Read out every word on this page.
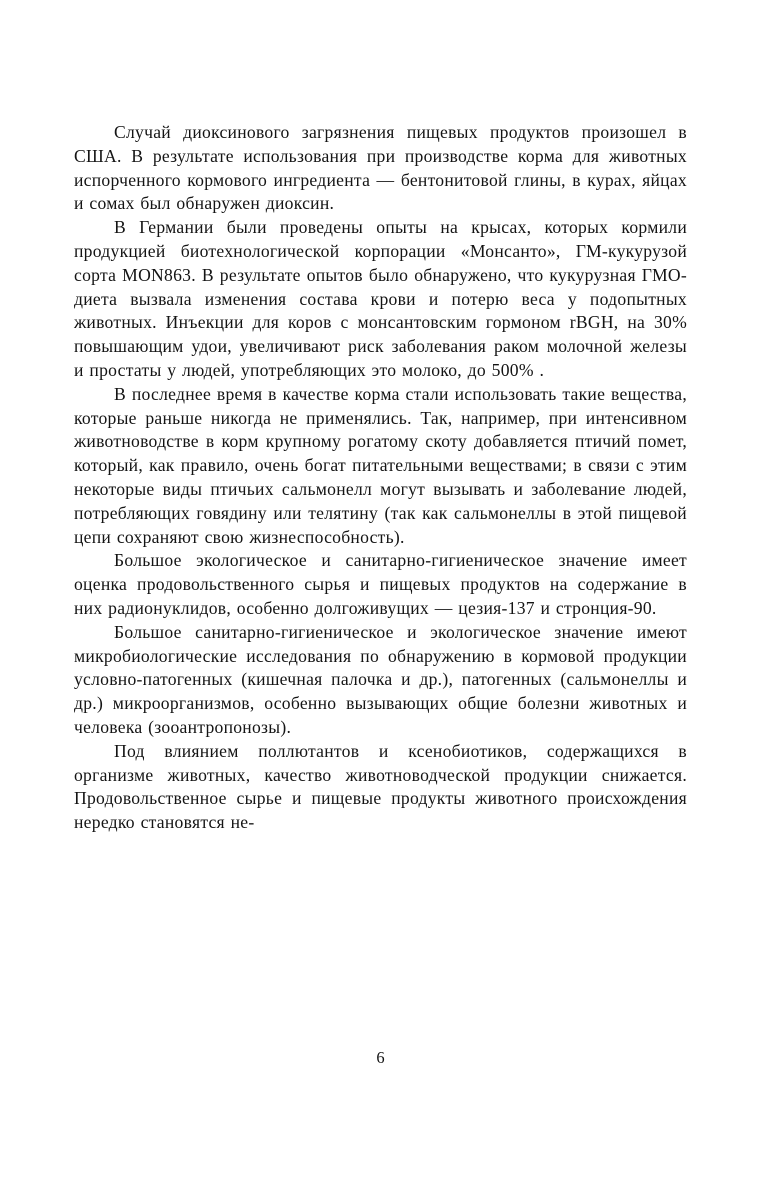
Случай диоксинового загрязнения пищевых продуктов произошел в США. В результате использования при производстве корма для животных испорченного кормового ингредиента — бентонитовой глины, в курах, яйцах и сомах был обнаружен диоксин.

В Германии были проведены опыты на крысах, которых кормили продукцией биотехнологической корпорации «Монсанто», ГМ-кукурузой сорта MON863. В результате опытов было обнаружено, что кукурузная ГМО-диета вызвала изменения состава крови и потерю веса у подопытных животных. Инъекции для коров с монсантовским гормоном rBGH, на 30% повышающим удои, увеличивают риск заболевания раком молочной железы и простаты у людей, употребляющих это молоко, до 500% .

В последнее время в качестве корма стали использовать такие вещества, которые раньше никогда не применялись. Так, например, при интенсивном животноводстве в корм крупному рогатому скоту добавляется птичий помет, который, как правило, очень богат питательными веществами; в связи с этим некоторые виды птичьих сальмонелл могут вызывать и заболевание людей, потребляющих говядину или телятину (так как сальмонеллы в этой пищевой цепи сохраняют свою жизнеспособность).

Большое экологическое и санитарно-гигиеническое значение имеет оценка продовольственного сырья и пищевых продуктов на содержание в них радионуклидов, особенно долгоживущих — цезия-137 и стронция-90.

Большое санитарно-гигиеническое и экологическое значение имеют микробиологические исследования по обнаружению в кормовой продукции условно-патогенных (кишечная палочка и др.), патогенных (сальмонеллы и др.) микроорганизмов, особенно вызывающих общие болезни животных и человека (зооантропонозы).

Под влиянием поллютантов и ксенобиотиков, содержащихся в организме животных, качество животноводческой продукции снижается. Продовольственное сырье и пищевые продукты животного происхождения нередко становятся не-

6
